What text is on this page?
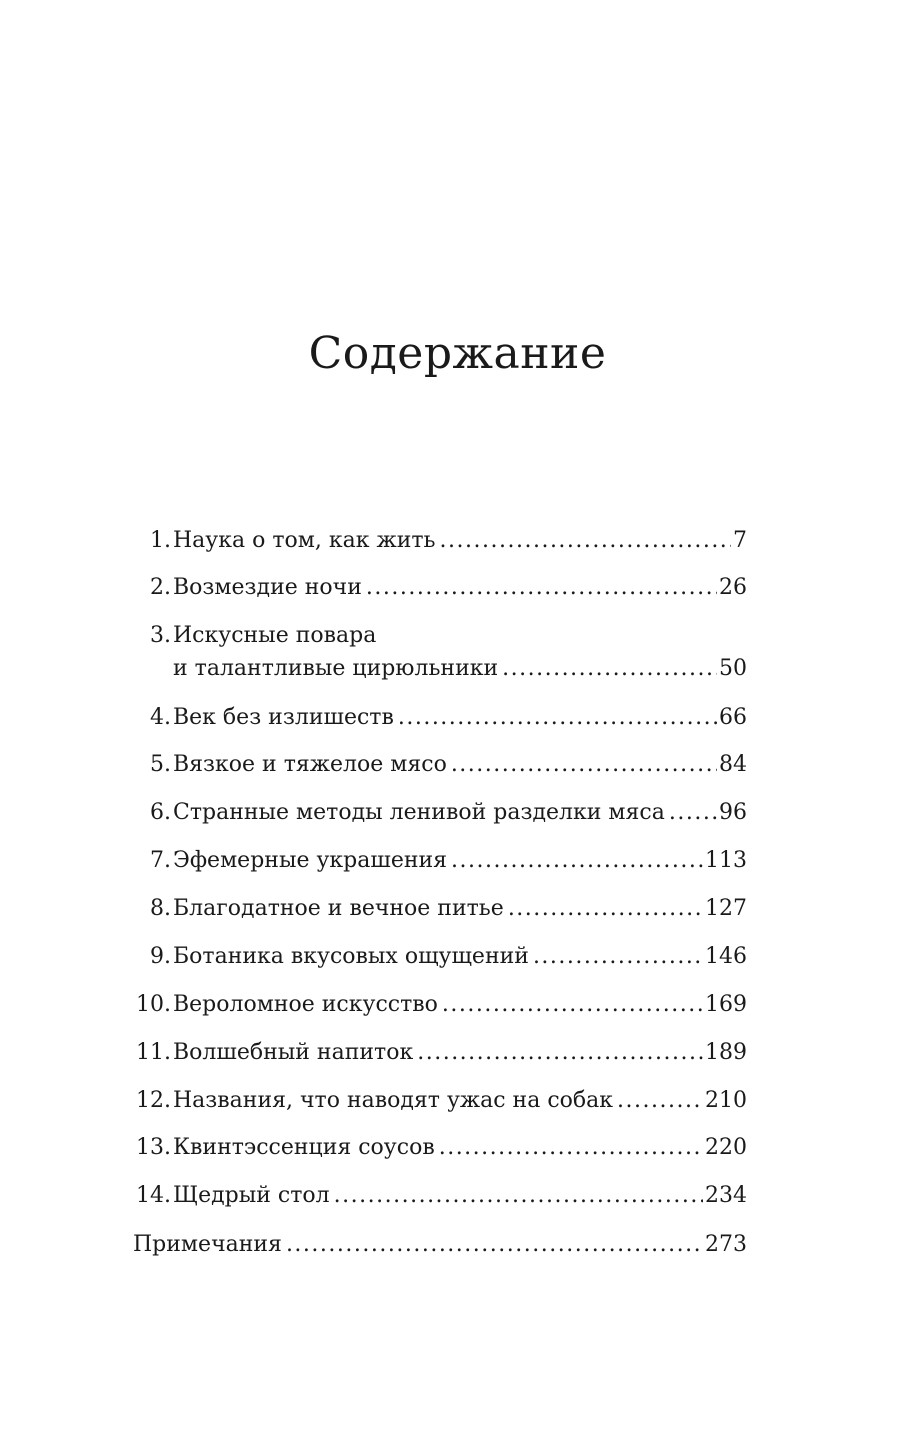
Содержание
1. Наука о том, как жить .....	7
2. Возмездие ночи .....	26
3. Искусные повара
и талантливые цирюльники .....	50
4. Век без излишеств .....	66
5. Вязкое и тяжелое мясо .....	84
6. Странные методы ленивой разделки мяса ..... 96
7. Эфемерные украшения .....	113
8. Благодатное и вечное питье .....	127
9. Ботаника вкусовых ощущений .....	146
10. Вероломное искусство .....	169
11. Волшебный напиток .....	189
12. Названия, что наводят ужас на собак .....	210
13. Квинтэссенция соусов .....	220
14. Щедрый стол .....	234
Примечания .....	273
